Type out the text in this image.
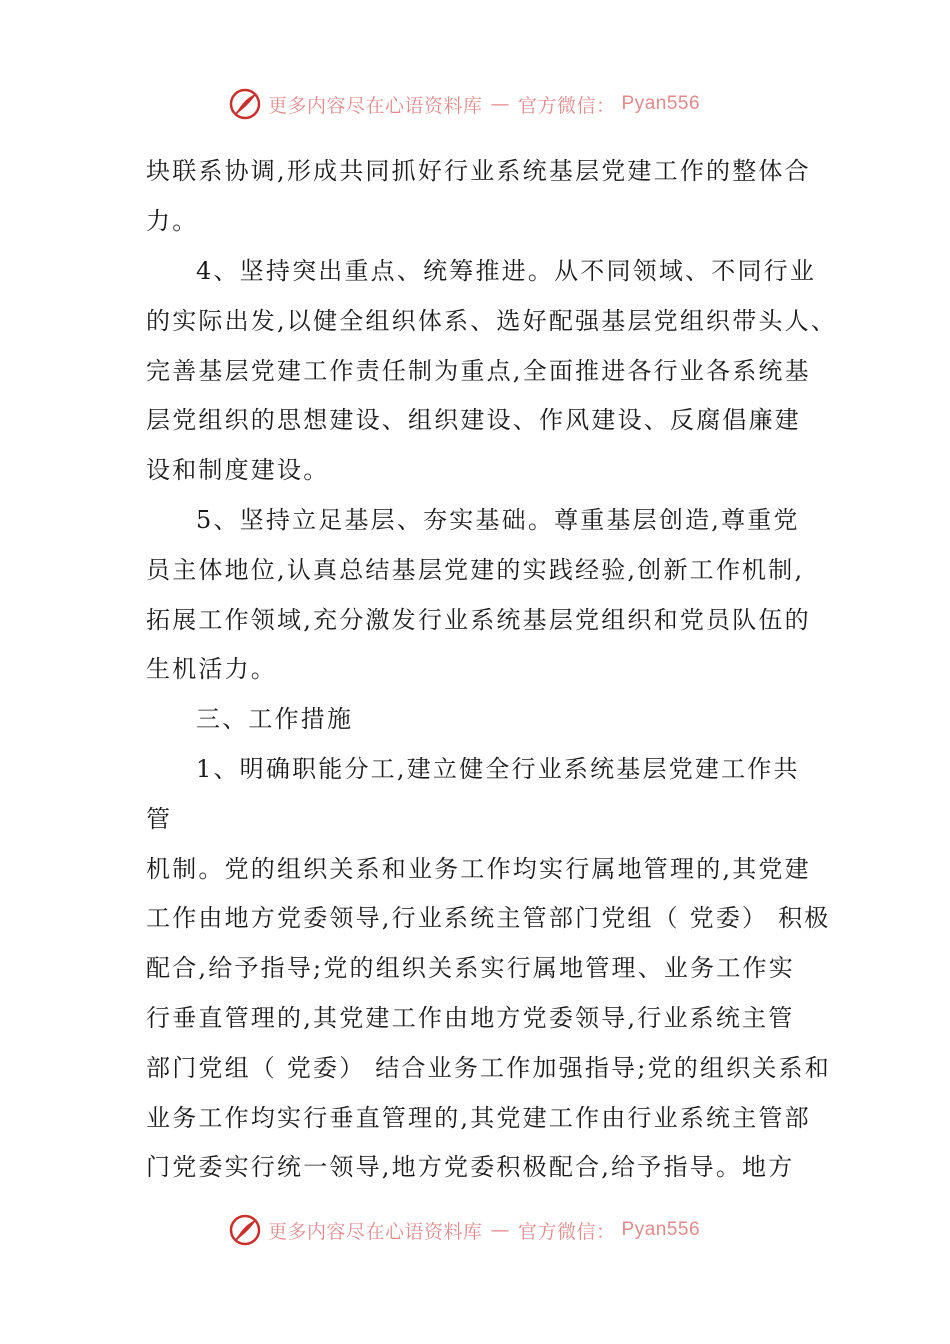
更多内容尽在心语资料库 — 官方微信： Pyan556
块联系协调,形成共同抓好行业系统基层党建工作的整体合
力。
4、坚持突出重点、统筹推进。从不同领域、不同行业
的实际出发,以健全组织体系、选好配强基层党组织带头人、
完善基层党建工作责任制为重点,全面推进各行业各系统基
层党组织的思想建设、组织建设、作风建设、反腐倡廉建
设和制度建设。
5、坚持立足基层、夯实基础。尊重基层创造,尊重党
员主体地位,认真总结基层党建的实践经验,创新工作机制,
拓展工作领域,充分激发行业系统基层党组织和党员队伍的
生机活力。
三、工作措施
1、明确职能分工,建立健全行业系统基层党建工作共
管
机制。党的组织关系和业务工作均实行属地管理的,其党建
工作由地方党委领导,行业系统主管部门党组（ 党委） 积极
配合,给予指导;党的组织关系实行属地管理、业务工作实
行垂直管理的,其党建工作由地方党委领导,行业系统主管
部门党组（ 党委） 结合业务工作加强指导;党的组织关系和
业务工作均实行垂直管理的,其党建工作由行业系统主管部
门党委实行统一领导,地方党委积极配合,给予指导。地方
更多内容尽在心语资料库 — 官方微信： Pyan556
